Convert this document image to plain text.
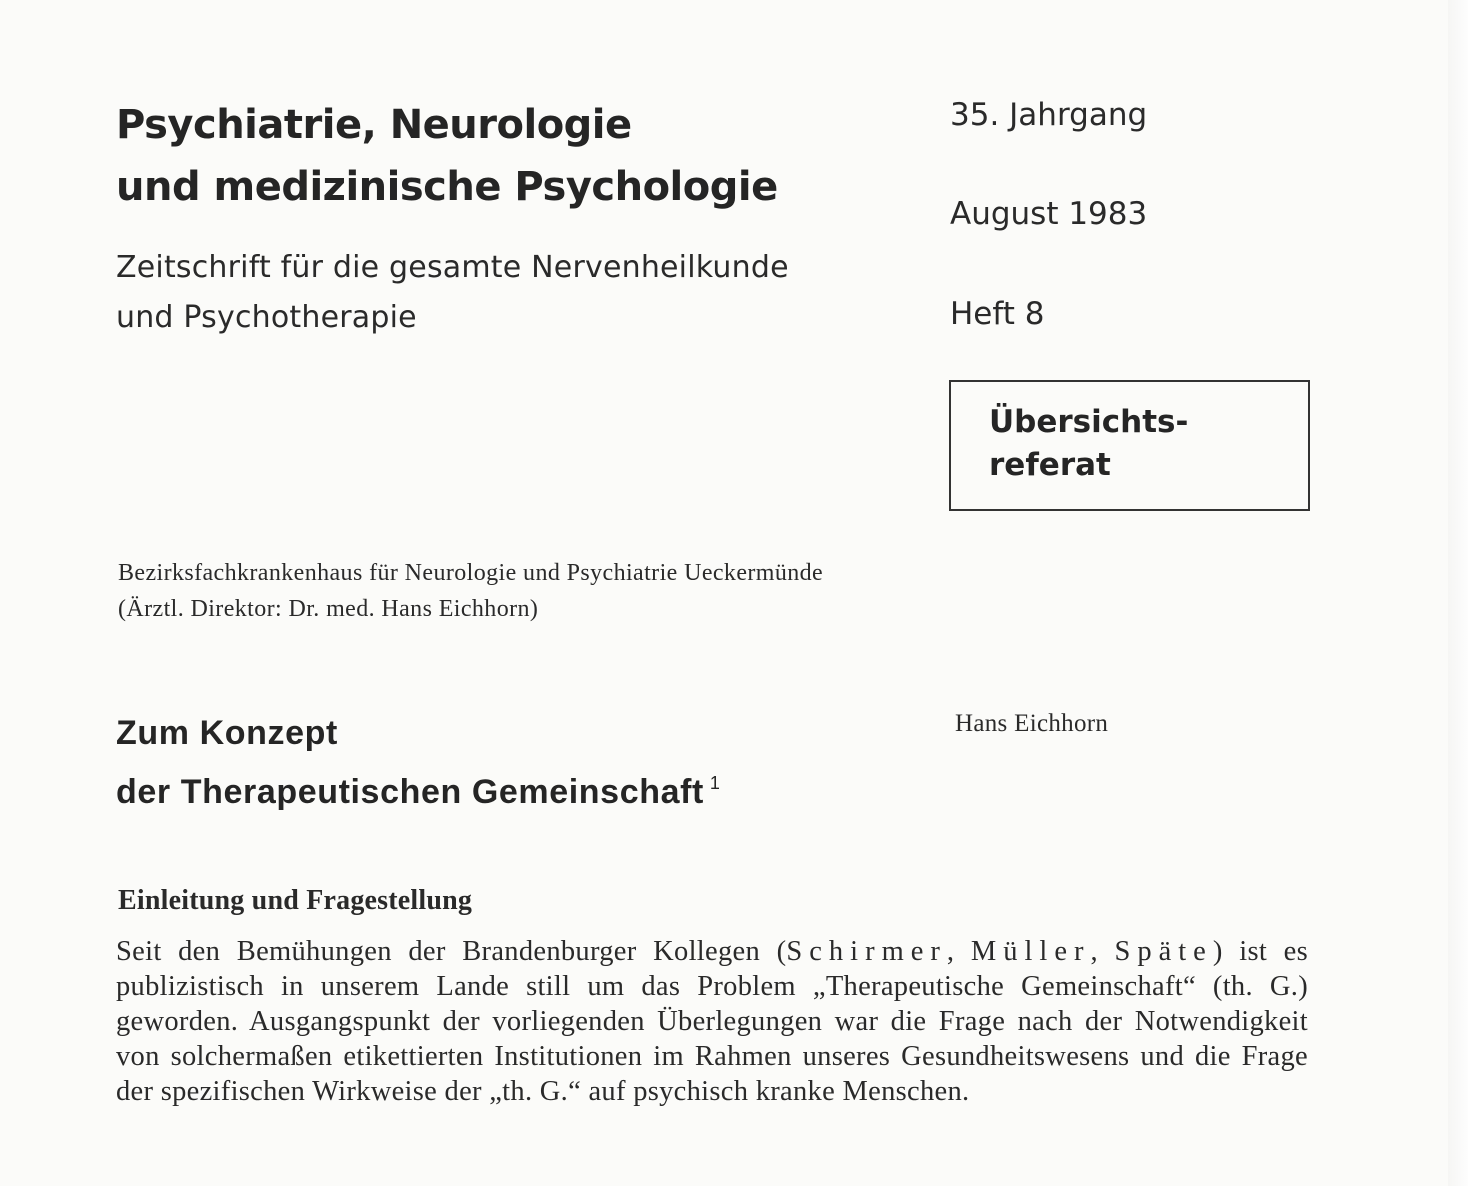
Psychiatrie, Neurologie
und medizinische Psychologie
Zeitschrift für die gesamte Nervenheilkunde
und Psychotherapie
35. Jahrgang
August 1983
Heft 8
Übersichts-
referat
Bezirksfachkrankenhaus für Neurologie und Psychiatrie Ueckermünde
(Ärztl. Direktor: Dr. med. Hans Eichhorn)
Zum Konzept
der Therapeutischen Gemeinschaft $^1$
Hans Eichhorn
Einleitung und Fragestellung
Seit den Bemühungen der Brandenburger Kollegen (Schirmer, Müller, Späte) ist es publizistisch in unserem Lande still um das Problem „Therapeutische Gemeinschaft“ (th. G.) geworden. Ausgangspunkt der vorliegenden Überlegungen war die Frage nach der Notwendigkeit von solchermaßen etikettierten Institutionen im Rahmen unseres Gesundheitswesens und die Frage der spezifischen Wirkweise der „th. G.“ auf psychisch kranke Menschen.
